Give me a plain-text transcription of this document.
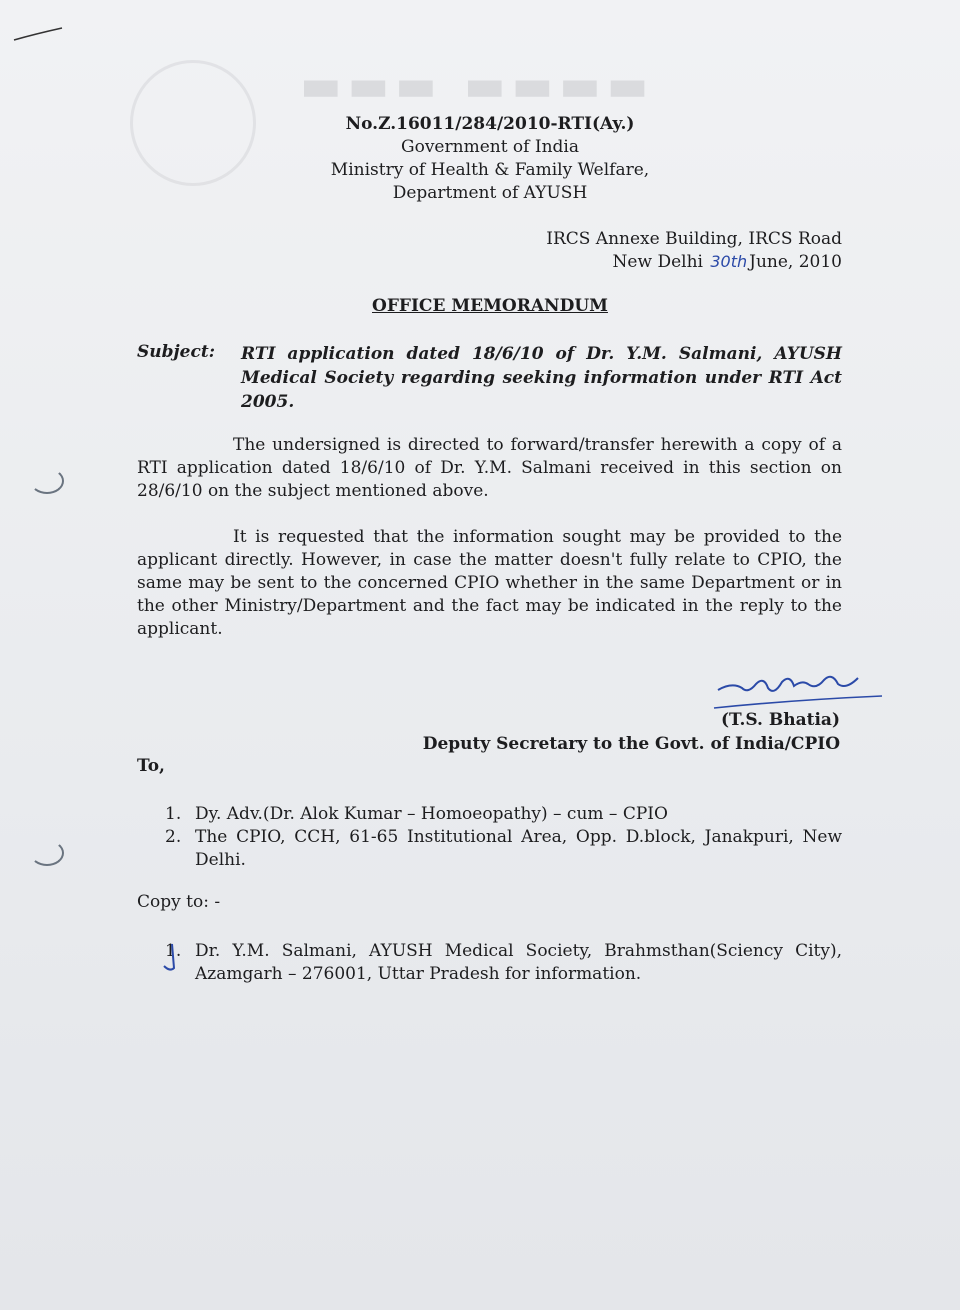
▬▬▬ ▬▬▬▬
No.Z.16011/284/2010-RTI(Ay.)
Government of India
Ministry of Health & Family Welfare,
Department of AYUSH
IRCS Annexe Building, IRCS Road
New Delhi 30th June, 2010
OFFICE MEMORANDUM
Subject: RTI application dated 18/6/10 of Dr. Y.M. Salmani, AYUSH Medical Society regarding seeking information under RTI Act 2005.
The undersigned is directed to forward/transfer herewith a copy of a RTI application dated 18/6/10 of Dr. Y.M. Salmani received in this section on 28/6/10 on the subject mentioned above.
It is requested that the information sought may be provided to the applicant directly. However, in case the matter doesn't fully relate to CPIO, the same may be sent to the concerned CPIO whether in the same Department or in the other Ministry/Department and the fact may be indicated in the reply to the applicant.
(T.S. Bhatia)
Deputy Secretary to the Govt. of India/CPIO
To,
1. Dy. Adv.(Dr. Alok Kumar – Homoeopathy) – cum – CPIO
2. The CPIO, CCH, 61-65 Institutional Area, Opp. D.block, Janakpuri, New Delhi.
Copy to: -
1. Dr. Y.M. Salmani, AYUSH Medical Society, Brahmsthan(Sciency City), Azamgarh – 276001, Uttar Pradesh for information.
